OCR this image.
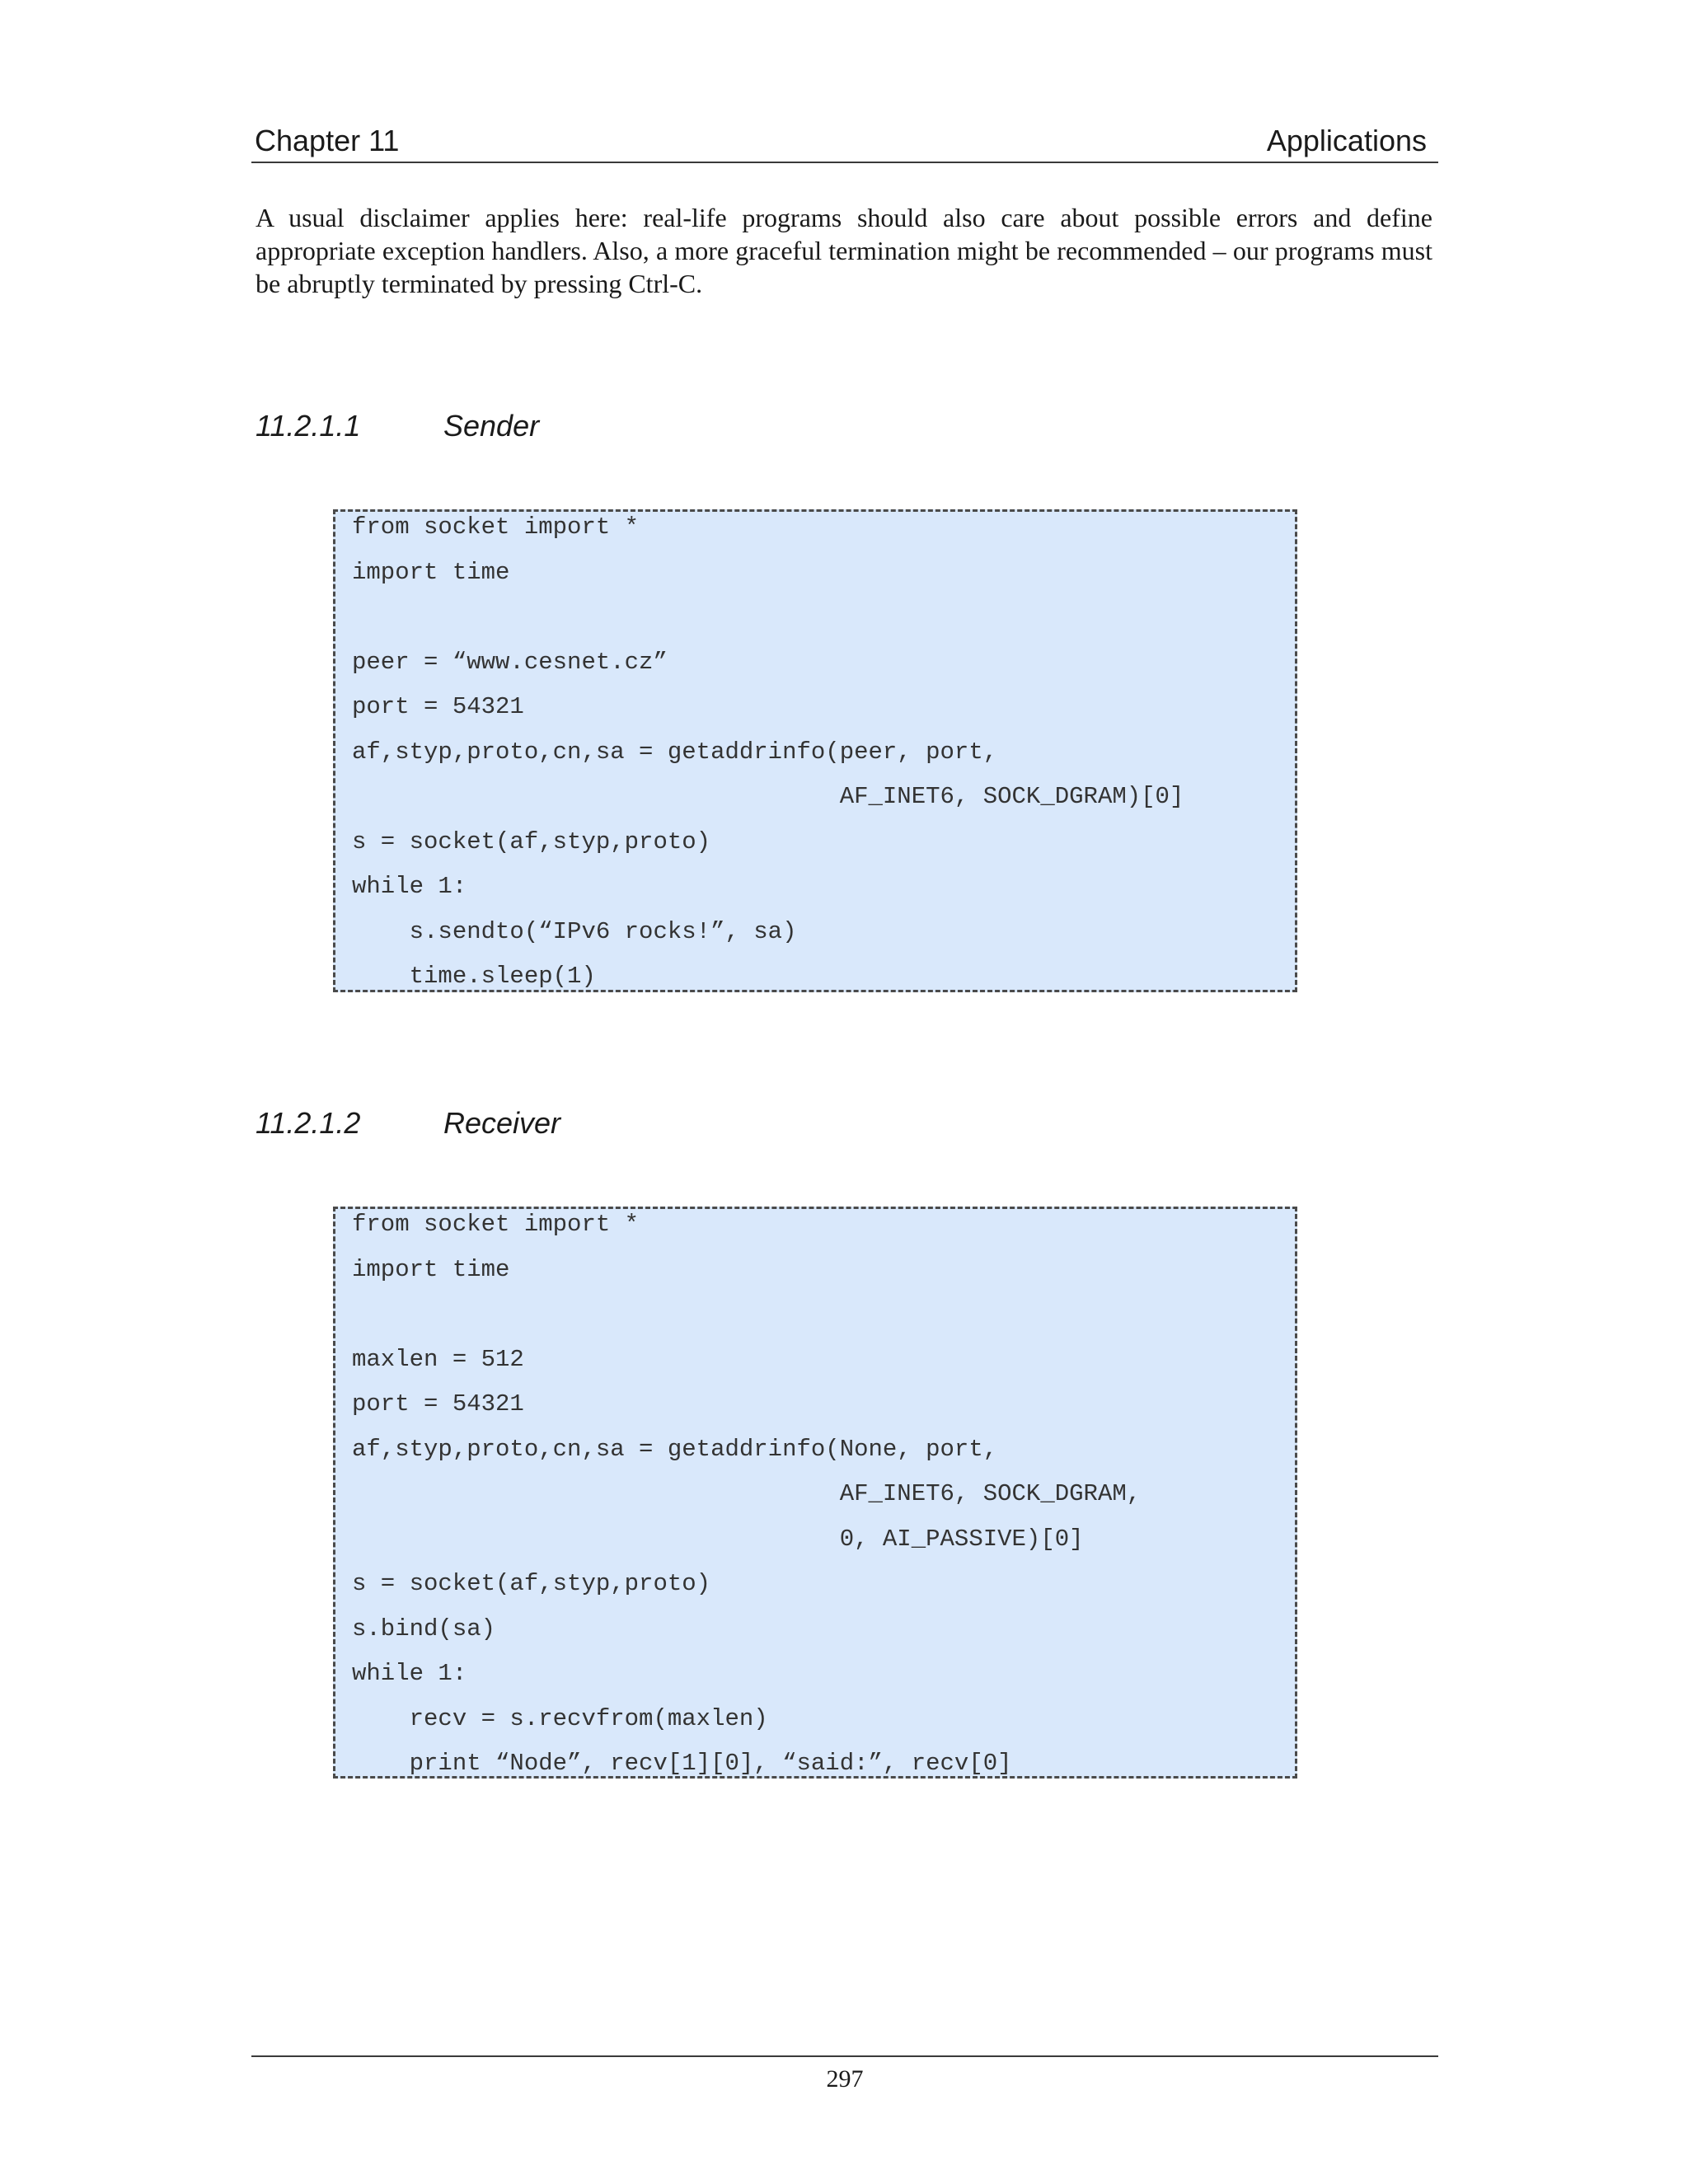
Chapter 11	Applications

A usual disclaimer applies here: real-life programs should also care about possible errors and define appropriate exception handlers. Also, a more graceful termination might be recommended – our programs must be abruptly terminated by pressing Ctrl-C.

11.2.1.1	Sender
from socket import *
import time
peer = “www.cesnet.cz”
port = 54321
af,styp,proto,cn,sa = getaddrinfo(peer, port,
AF_INET6, SOCK_DGRAM)[0]
s = socket(af,styp,proto)
while 1:
s.sendto(“IPv6 rocks!”, sa)
time.sleep(1)
11.2.1.2	Receiver
from socket import *
import time
maxlen = 512
port = 54321
af,styp,proto,cn,sa = getaddrinfo(None, port,
AF_INET6, SOCK_DGRAM,
0, AI_PASSIVE)[0]
s = socket(af,styp,proto)
s.bind(sa)
while 1:
recv = s.recvfrom(maxlen)
print “Node”, recv[1][0], “said:”, recv[0]
297
